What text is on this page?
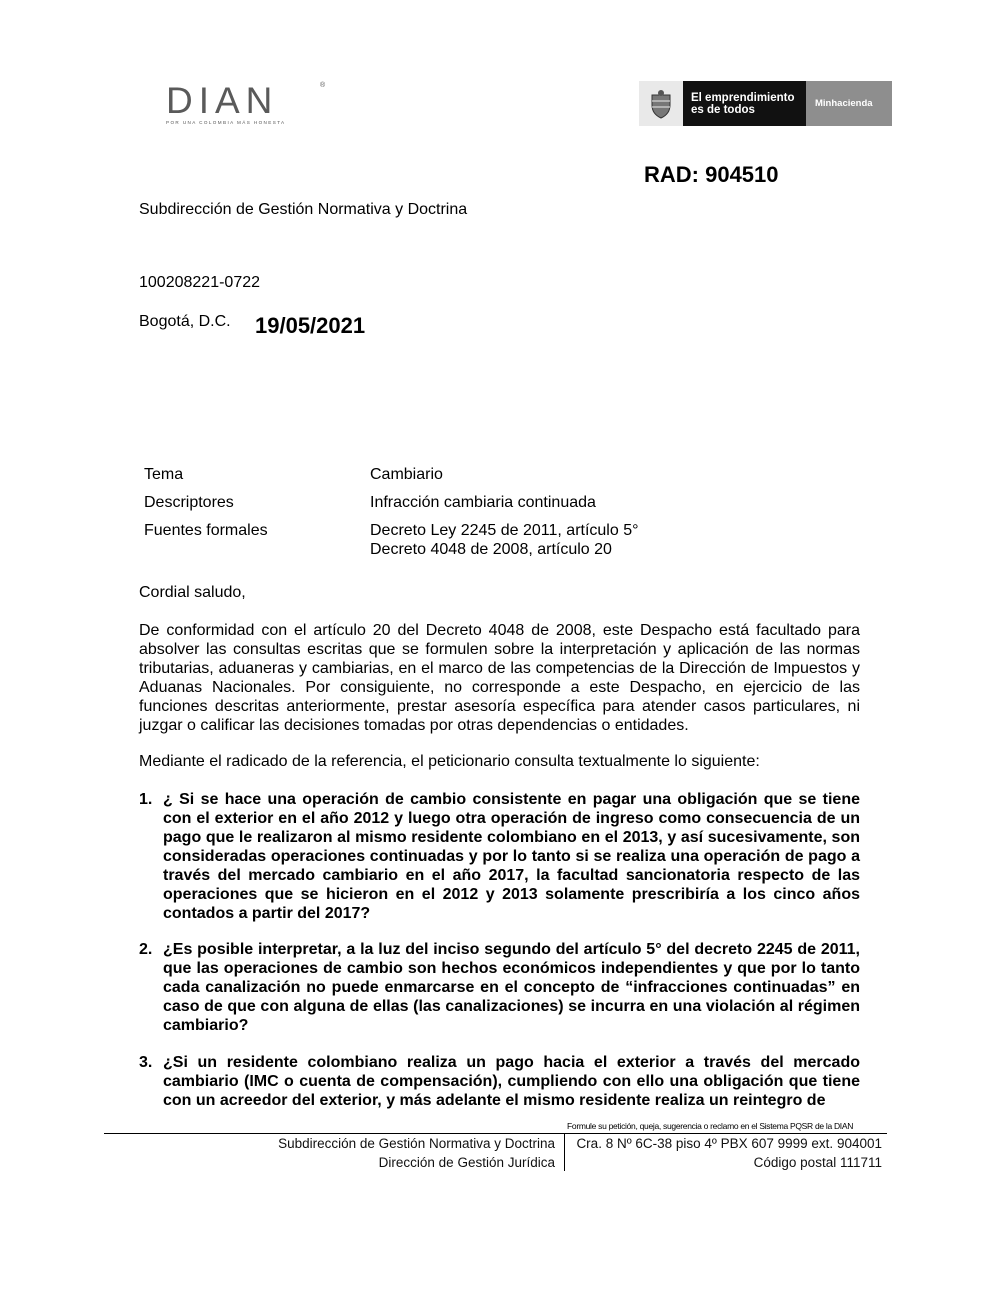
DIAN	®
POR UNA COLOMBIA MÁS HONESTA
El emprendimiento
es de todos
Minhacienda
RAD: 904510
Subdirección de Gestión Normativa y Doctrina
100208221-0722
Bogotá, D.C. 19/05/2021
Tema	Cambiario
Descriptores	Infracción cambiaria continuada
Fuentes formales	Decreto Ley 2245 de 2011, artículo 5°
Decreto 4048 de 2008, artículo 20
Cordial saludo,
De conformidad con el artículo 20 del Decreto 4048 de 2008, este Despacho está facultado para absolver las consultas escritas que se formulen sobre la interpretación y aplicación de las normas tributarias, aduaneras y cambiarias, en el marco de las competencias de la Dirección de Impuestos y Aduanas Nacionales. Por consiguiente, no corresponde a este Despacho, en ejercicio de las funciones descritas anteriormente, prestar asesoría específica para atender casos particulares, ni juzgar o calificar las decisiones tomadas por otras dependencias o entidades.
Mediante el radicado de la referencia, el peticionario consulta textualmente lo siguiente:
1. ¿ Si se hace una operación de cambio consistente en pagar una obligación que se tiene con el exterior en el año 2012 y luego otra operación de ingreso como consecuencia de un pago que le realizaron al mismo residente colombiano en el 2013, y así sucesivamente, son consideradas operaciones continuadas y por lo tanto si se realiza una operación de pago a través del mercado cambiario en el año 2017, la facultad sancionatoria respecto de las operaciones que se hicieron en el 2012 y 2013 solamente prescribiría a los cinco años contados a partir del 2017?
2. ¿Es posible interpretar, a la luz del inciso segundo del artículo 5° del decreto 2245 de 2011, que las operaciones de cambio son hechos económicos independientes y que por lo tanto cada canalización no puede enmarcarse en el concepto de “infracciones continuadas” en caso de que con alguna de ellas (las canalizaciones) se incurra en una violación al régimen cambiario?
3. ¿Si un residente colombiano realiza un pago hacia el exterior a través del mercado cambiario (IMC o cuenta de compensación), cumpliendo con ello una obligación que tiene con un acreedor del exterior, y más adelante el mismo residente realiza un reintegro de
Formule su petición, queja, sugerencia o reclamo en el Sistema PQSR de la DIAN
Subdirección de Gestión Normativa y Doctrina
Dirección de Gestión Jurídica
Cra. 8 Nº 6C-38 piso 4º PBX 607 9999 ext. 904001
Código postal 111711
